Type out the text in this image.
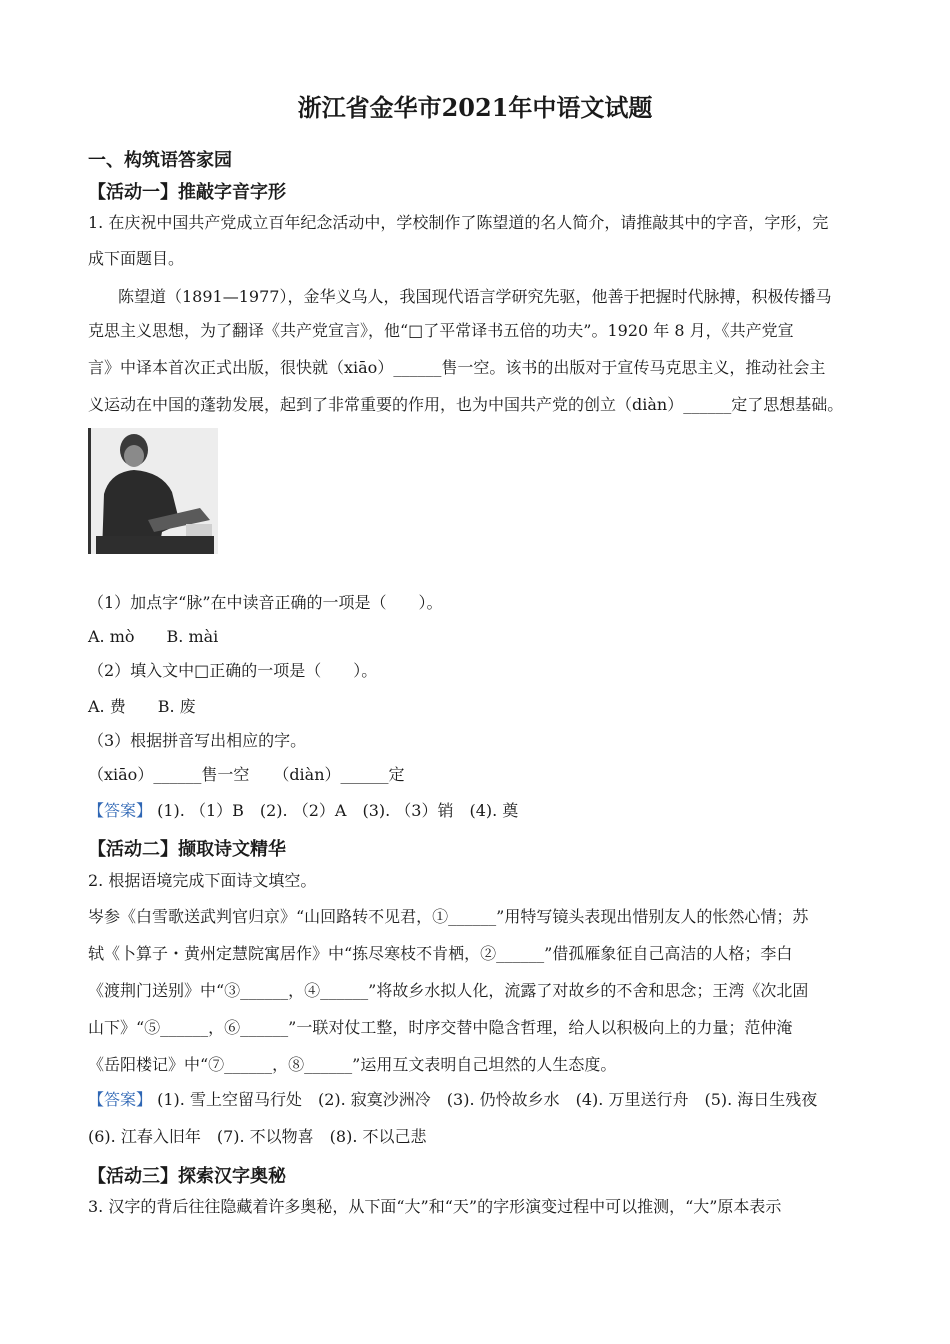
浙江省金华市2021年中语文试题
一、构筑语答家园
【活动一】推敲字音字形
1. 在庆祝中国共产党成立百年纪念活动中，学校制作了陈望道的名人简介，请推敲其中的字音，字形，完
成下面题目。
陈望道（1891—1977），金华义乌人，我国现代语言学研究先驱，他善于把握时代脉搏，积极传播马
克思主义思想，为了翻译《共产党宣言》，他“□了平常译书五倍的功夫”。1920 年 8 月，《共产党宣
言》中译本首次正式出版，很快就（xiāo）______售一空。该书的出版对于宣传马克思主义，推动社会主
义运动在中国的蓬勃发展，起到了非常重要的作用，也为中国共产党的创立（diàn）______定了思想基础。
（1）加点字“脉”在中读音正确的一项是（　　）。
A. mò　　B. mài
（2）填入文中□正确的一项是（　　）。
A. 费　　B. 废
（3）根据拼音写出相应的字。
（xiāo）______售一空　　（diàn）______定
【答案】 (1). （1）B　(2). （2）A　(3). （3）销　(4). 奠
【活动二】撷取诗文精华
2. 根据语境完成下面诗文填空。
岑参《白雪歌送武判官归京》“山回路转不见君，①______”用特写镜头表现出惜别友人的怅然心情；苏
轼《卜算子・黄州定慧院寓居作》中“拣尽寒枝不肯栖，②______”借孤雁象征自己高洁的人格；李白
《渡荆门送别》中“③______，④______”将故乡水拟人化，流露了对故乡的不舍和思念；王湾《次北固
山下》“⑤______，⑥______”一联对仗工整，时序交替中隐含哲理，给人以积极向上的力量；范仲淹
《岳阳楼记》中“⑦______，⑧______”运用互文表明自己坦然的人生态度。
【答案】 (1). 雪上空留马行处　(2). 寂寞沙洲冷　(3). 仍怜故乡水　(4). 万里送行舟　(5). 海日生残夜
(6). 江春入旧年　(7). 不以物喜　(8). 不以己悲
【活动三】探索汉字奥秘
3. 汉字的背后往往隐藏着许多奥秘，从下面“大”和“天”的字形演变过程中可以推测，“大”原本表示
